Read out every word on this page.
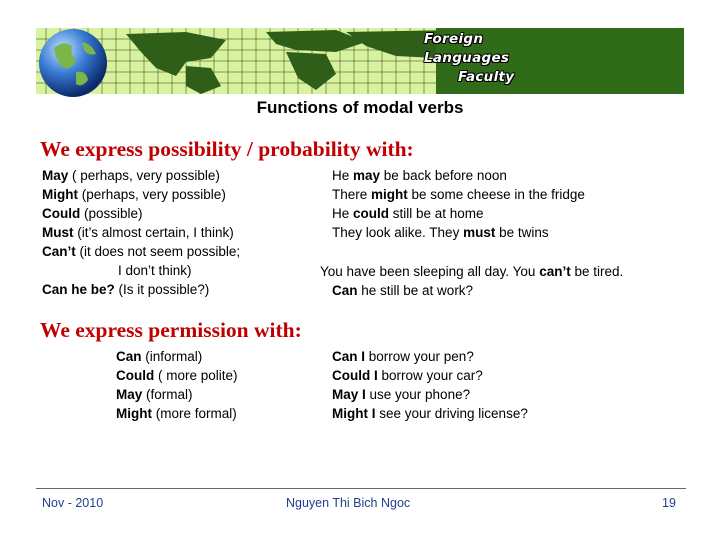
Foreign
Languages
Faculty
Functions of modal verbs
We express possibility / probability with:
May ( perhaps, very possible)
Might (perhaps, very possible)
Could (possible)
Must (it’s almost certain, I think)
Can’t (it does not seem possible;
I don’t think)
Can he be? (Is it possible?)
He may be back before noon
There might be some cheese in the fridge
He could still be at home
They look alike. They must be twins
You have been sleeping all day. You can’t be tired.
Can he still be at work?
We express permission with:
Can (informal)
Could ( more polite)
May (formal)
Might (more formal)
Can I borrow your pen?
Could I borrow your car?
May I use your phone?
Might I see your driving license?
Nov - 2010	Nguyen Thi Bich Ngoc	19
